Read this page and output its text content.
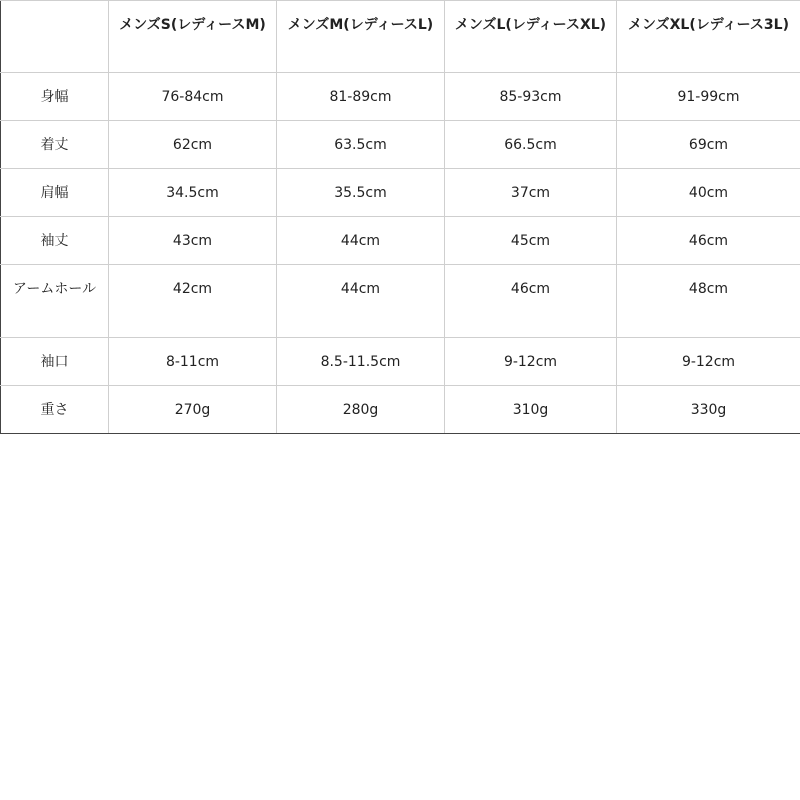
	メンズS(レディースM)	メンズM(レディースL)	メンズL(レディースXL)	メンズXL(レディース3L)
身幅	76-84cm	81-89cm	85-93cm	91-99cm
着丈	62cm	63.5cm	66.5cm	69cm
肩幅	34.5cm	35.5cm	37cm	40cm
袖丈	43cm	44cm	45cm	46cm
アームホール	42cm	44cm	46cm	48cm
袖口	8-11cm	8.5-11.5cm	9-12cm	9-12cm
重さ	270g	280g	310g	330g
